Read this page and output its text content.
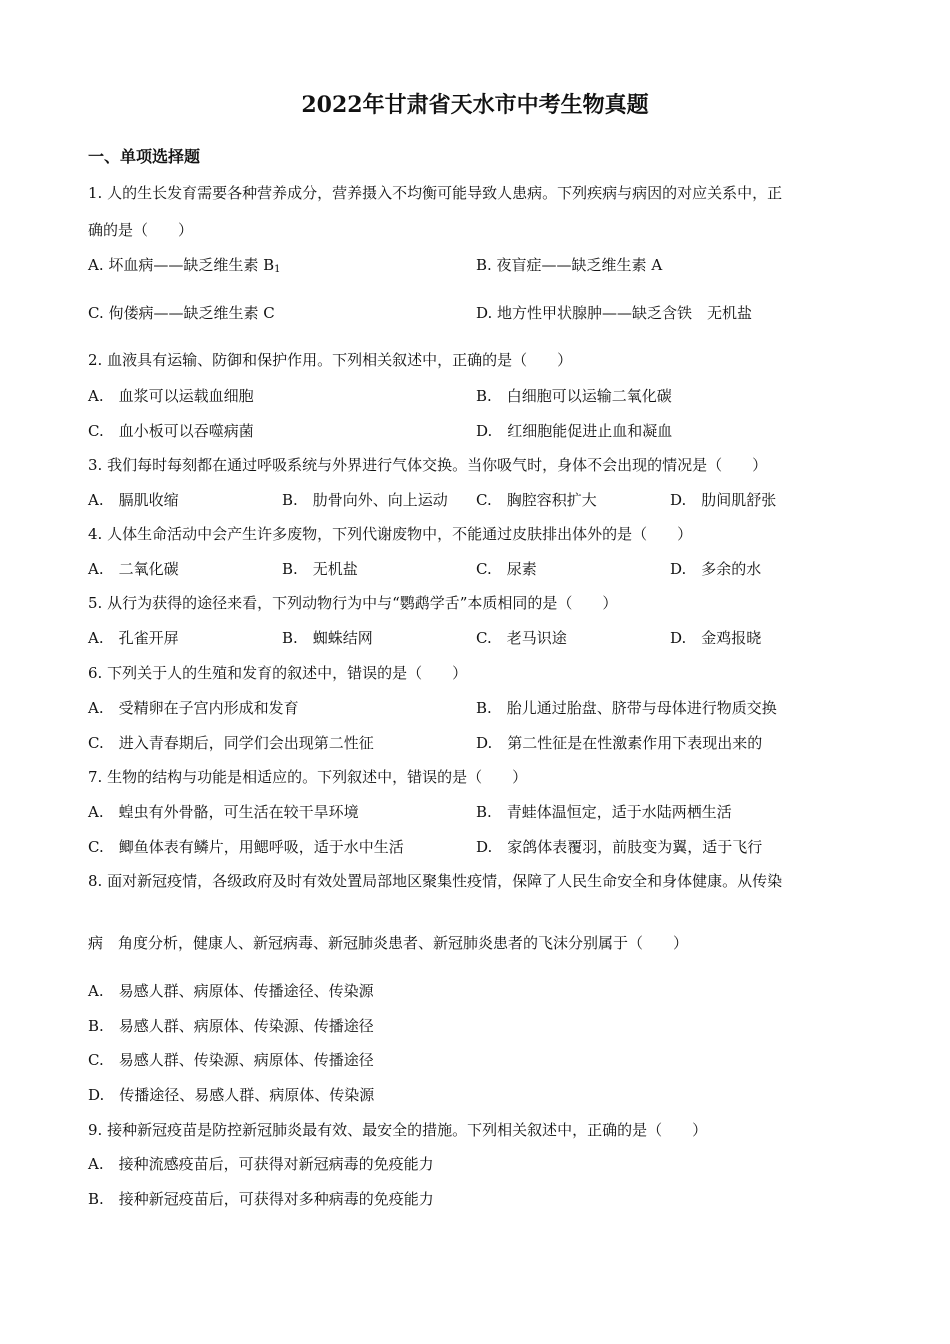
2022年甘肃省天水市中考生物真题
一、单项选择题
1. 人的生长发育需要各种营养成分，营养摄入不均衡可能导致人患病。下列疾病与病因的对应关系中，正
确的是（　　）
A. 坏血病——缺乏维生素 $B_1$	B. 夜盲症——缺乏维生素 A
C. 佝偻病——缺乏维生素 C	D. 地方性甲状腺肿——缺乏含铁　无机盐
2. 血液具有运输、防御和保护作用。下列相关叙述中，正确的是（　　）
A.　血浆可以运载血细胞	B.　白细胞可以运输二氧化碳
C.　血小板可以吞噬病菌	D.　红细胞能促进止血和凝血
3. 我们每时每刻都在通过呼吸系统与外界进行气体交换。当你吸气时，身体不会出现的情况是（　　）
A.　膈肌收缩	B.　肋骨向外、向上运动 C.　胸腔容积扩大	D.　肋间肌舒张
4. 人体生命活动中会产生许多废物，下列代谢废物中，不能通过皮肤排出体外的是（　　）
A.　二氧化碳	B.　无机盐	C.　尿素	D.　多余的水
5. 从行为获得的途径来看，下列动物行为中与“鹦鹉学舌”本质相同的是（　　）
A.　孔雀开屏	B.　蜘蛛结网	C.　老马识途	D.　金鸡报晓
6. 下列关于人的生殖和发育的叙述中，错误的是（　　）
A.　受精卵在子宫内形成和发育	B.　胎儿通过胎盘、脐带与母体进行物质交换
C.　进入青春期后，同学们会出现第二性征	D.　第二性征是在性激素作用下表现出来的
7. 生物的结构与功能是相适应的。下列叙述中，错误的是（　　）
A.　蝗虫有外骨骼，可生活在较干旱环境	B.　青蛙体温恒定，适于水陆两栖生活
C.　鲫鱼体表有鳞片，用鳃呼吸，适于水中生活	D.　家鸽体表覆羽，前肢变为翼，适于飞行
8. 面对新冠疫情，各级政府及时有效处置局部地区聚集性疫情，保障了人民生命安全和身体健康。从传染
病　角度分析，健康人、新冠病毒、新冠肺炎患者、新冠肺炎患者的飞沫分别属于（　　）
A.　易感人群、病原体、传播途径、传染源
B.　易感人群、病原体、传染源、传播途径
C.　易感人群、传染源、病原体、传播途径
D.　传播途径、易感人群、病原体、传染源
9. 接种新冠疫苗是防控新冠肺炎最有效、最安全的措施。下列相关叙述中，正确的是（　　）
A.　接种流感疫苗后，可获得对新冠病毒的免疫能力
B.　接种新冠疫苗后，可获得对多种病毒的免疫能力
